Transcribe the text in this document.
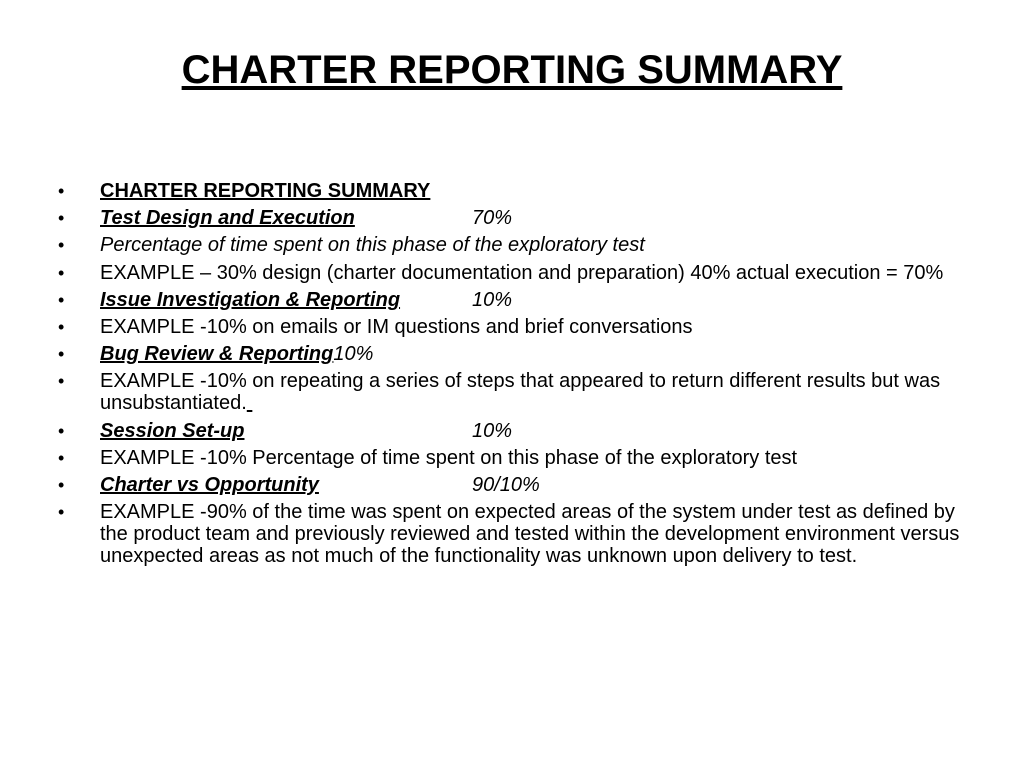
CHARTER REPORTING SUMMARY
•	CHARTER REPORTING SUMMARY
•	Test Design and Execution	70%
•	Percentage of time spent on this phase of the exploratory test
•	EXAMPLE – 30% design (charter documentation and preparation) 40% actual execution = 70%
•	Issue Investigation & Reporting	10%
•	EXAMPLE -10% on emails or IM questions and brief conversations
•	Bug Review & Reporting10%
•	EXAMPLE -10% on repeating a series of steps that appeared to return different results but was unsubstantiated.
•	Session Set-up	10%
•	EXAMPLE -10% Percentage of time spent on this phase of the exploratory test
•	Charter vs Opportunity	90/10%
•	EXAMPLE -90% of the time was spent on expected areas of the system under test as defined by the product team and previously reviewed and tested within the development environment versus unexpected areas as not much of the functionality was unknown upon delivery to test.
